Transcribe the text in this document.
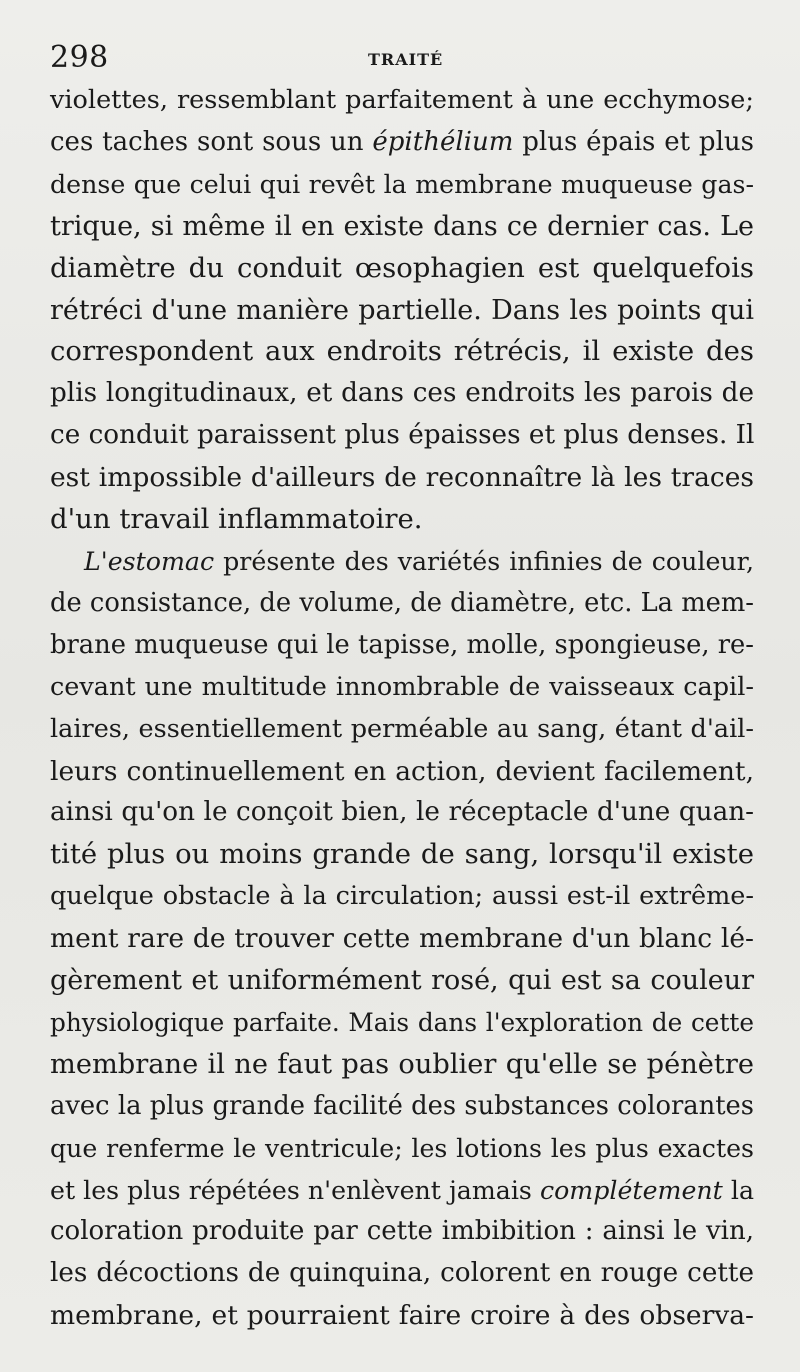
298	TRAITÉ
violettes, ressemblant parfaitement à une ecchymose;
ces taches sont sous un épithélium plus épais et plus
dense que celui qui revêt la membrane muqueuse gas-
trique, si même il en existe dans ce dernier cas. Le
diamètre du conduit œsophagien est quelquefois
rétréci d'une manière partielle. Dans les points qui
correspondent aux endroits rétrécis, il existe des
plis longitudinaux, et dans ces endroits les parois de
ce conduit paraissent plus épaisses et plus denses. Il
est impossible d'ailleurs de reconnaître là les traces
d'un travail inflammatoire.
L'estomac présente des variétés infinies de couleur,
de consistance, de volume, de diamètre, etc. La mem-
brane muqueuse qui le tapisse, molle, spongieuse, re-
cevant une multitude innombrable de vaisseaux capil-
laires, essentiellement perméable au sang, étant d'ail-
leurs continuellement en action, devient facilement,
ainsi qu'on le conçoit bien, le réceptacle d'une quan-
tité plus ou moins grande de sang, lorsqu'il existe
quelque obstacle à la circulation; aussi est-il extrême-
ment rare de trouver cette membrane d'un blanc lé-
gèrement et uniformément rosé, qui est sa couleur
physiologique parfaite. Mais dans l'exploration de cette
membrane il ne faut pas oublier qu'elle se pénètre
avec la plus grande facilité des substances colorantes
que renferme le ventricule; les lotions les plus exactes
et les plus répétées n'enlèvent jamais complétement la
coloration produite par cette imbibition : ainsi le vin,
les décoctions de quinquina, colorent en rouge cette
membrane, et pourraient faire croire à des observa-
